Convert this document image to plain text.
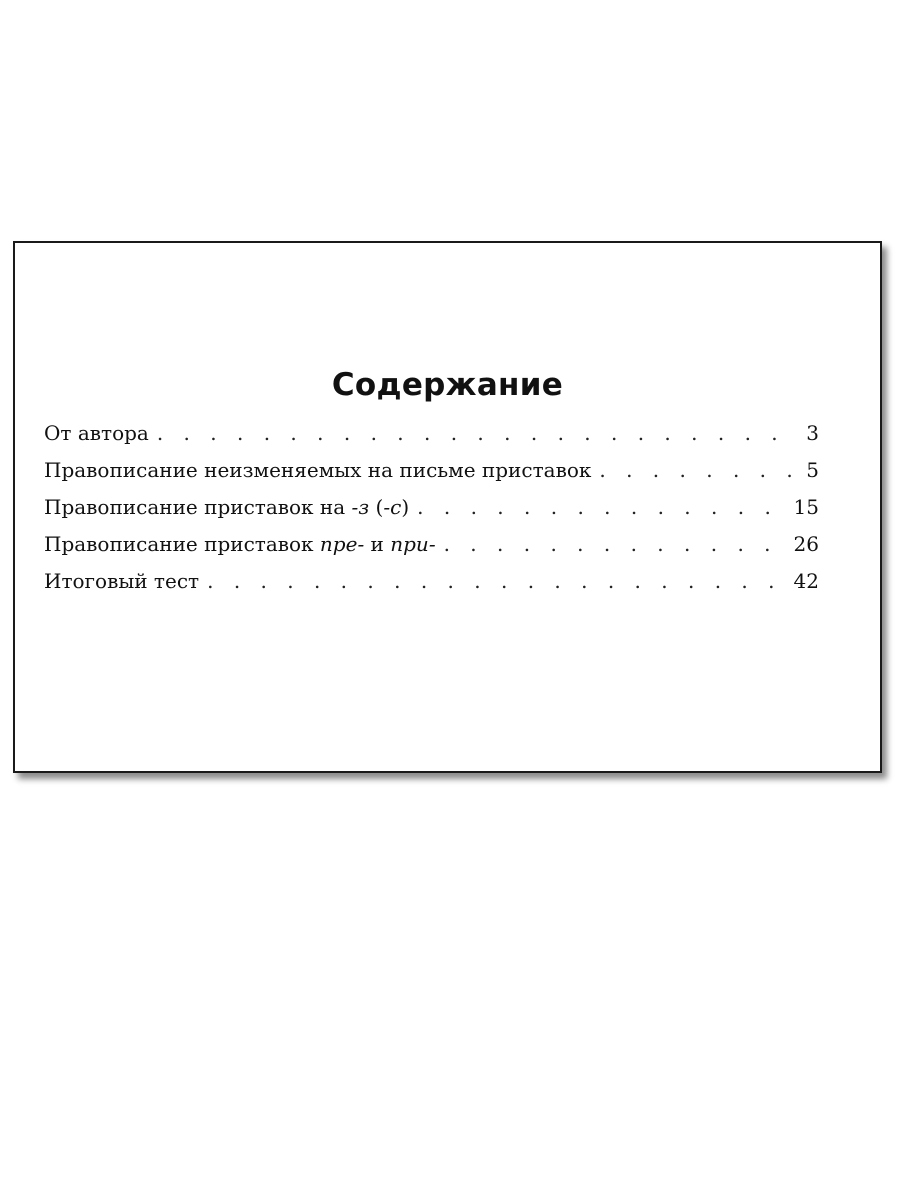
Содержание
От автора . . .	3
Правописание неизменяемых на письме приставок . . .	5
Правописание приставок на -з (-с) . . .	15
Правописание приставок пре- и при- . . .	26
Итоговый тест . . .	42
